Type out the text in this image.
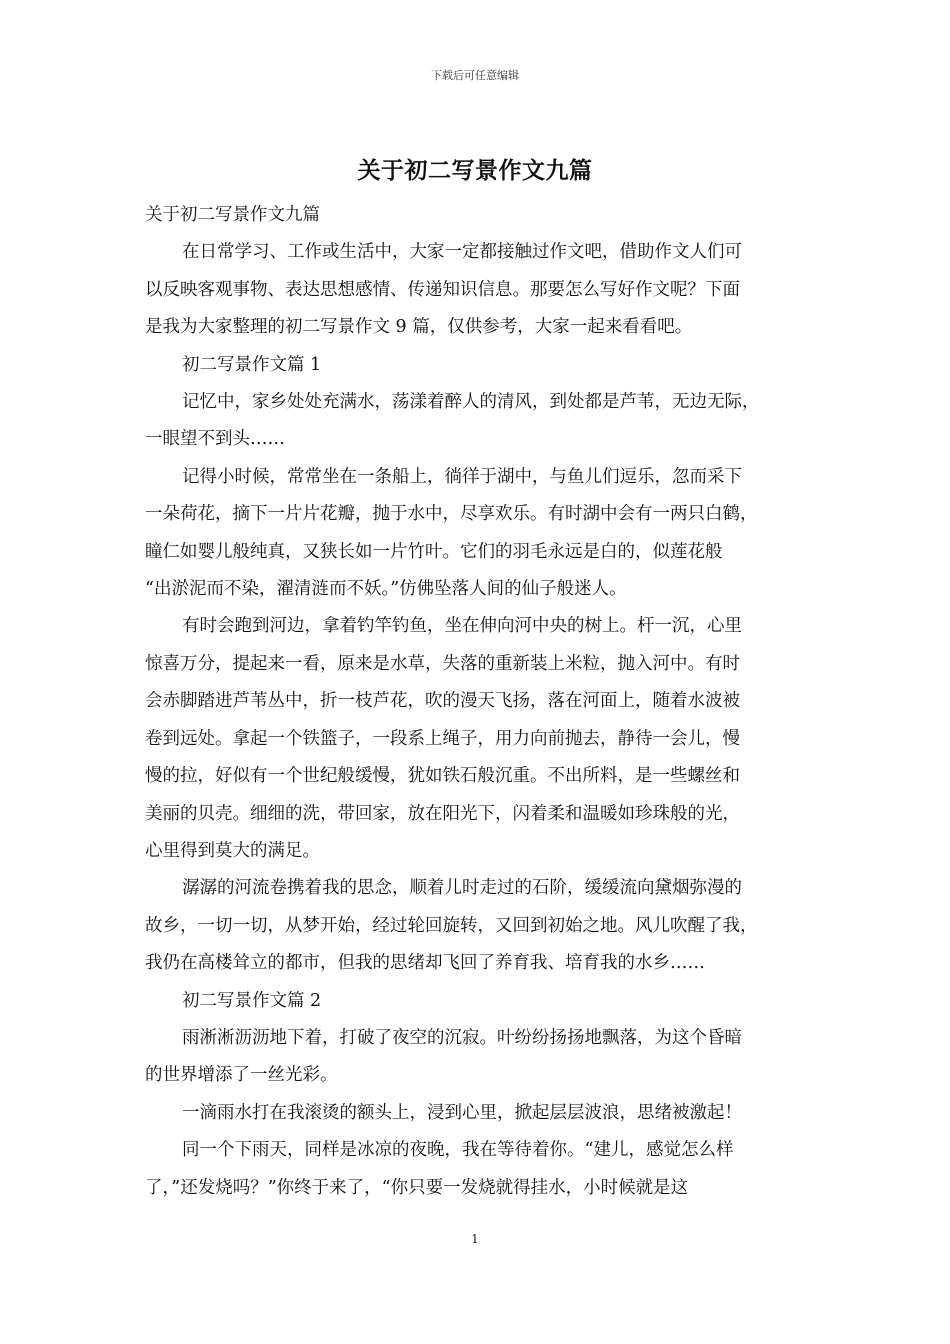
下载后可任意编辑
关于初二写景作文九篇

关于初二写景作文九篇

在日常学习、工作或生活中，大家一定都接触过作文吧，借助作文人们可
以反映客观事物、表达思想感情、传递知识信息。那要怎么写好作文呢？下面
是我为大家整理的初二写景作文 9 篇，仅供参考，大家一起来看看吧。

初二写景作文篇 1

记忆中，家乡处处充满水，荡漾着醉人的清风，到处都是芦苇，无边无际，
一眼望不到头……

记得小时候，常常坐在一条船上，徜徉于湖中，与鱼儿们逗乐，忽而采下
一朵荷花，摘下一片片花瓣，抛于水中，尽享欢乐。有时湖中会有一两只白鹤，
瞳仁如婴儿般纯真，又狭长如一片竹叶。它们的羽毛永远是白的，似莲花般
“出淤泥而不染，濯清涟而不妖。”仿佛坠落人间的仙子般迷人。

有时会跑到河边，拿着钓竿钓鱼，坐在伸向河中央的树上。杆一沉，心里
惊喜万分，提起来一看，原来是水草，失落的重新装上米粒，抛入河中。有时
会赤脚踏进芦苇丛中，折一枝芦花，吹的漫天飞扬，落在河面上，随着水波被
卷到远处。拿起一个铁篮子，一段系上绳子，用力向前抛去，静待一会儿，慢
慢的拉，好似有一个世纪般缓慢，犹如铁石般沉重。不出所料，是一些螺丝和
美丽的贝壳。细细的洗，带回家，放在阳光下，闪着柔和温暖如珍珠般的光，
心里得到莫大的满足。

潺潺的河流卷携着我的思念，顺着儿时走过的石阶，缓缓流向黛烟弥漫的
故乡，一切一切，从梦开始，经过轮回旋转，又回到初始之地。风儿吹醒了我，
我仍在高楼耸立的都市，但我的思绪却飞回了养育我、培育我的水乡……

初二写景作文篇 2

雨淅淅沥沥地下着，打破了夜空的沉寂。叶纷纷扬扬地飘落，为这个昏暗
的世界增添了一丝光彩。

一滴雨水打在我滚烫的额头上，浸到心里，掀起层层波浪，思绪被激起！

同一个下雨天，同样是冰凉的夜晚，我在等待着你。“建儿，感觉怎么样
了，”还发烧吗？”你终于来了，“你只要一发烧就得挂水，小时候就是这

1
